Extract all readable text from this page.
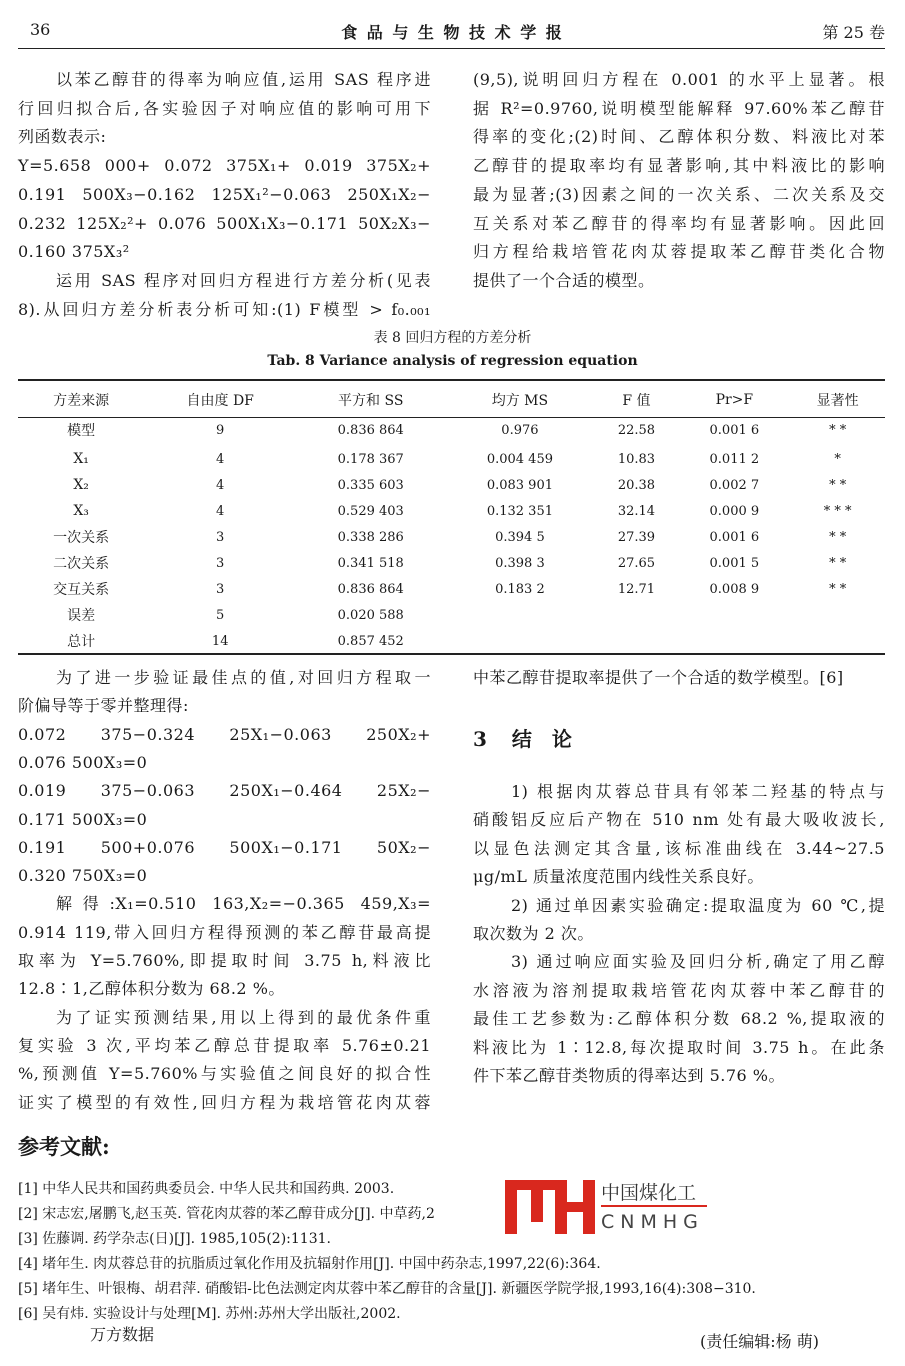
36	食 品 与 生 物 技 术 学 报	第 25 卷
以苯乙醇苷的得率为响应值,运用 SAS 程序进
行回归拟合后,各实验因子对响应值的影响可用下
列函数表示:
Y=5.658 000+ 0.072 375X₁+ 0.019 375X₂+
0.191 500X₃−0.162 125X₁²−0.063 250X₁X₂−
0.232 125X₂²+ 0.076 500X₁X₃−0.171 50X₂X₃−
0.160 375X₃²
运用 SAS 程序对回归方程进行方差分析(见表
8).从回归方差分析表分析可知:(1) F模型 > f₀.₀₀₁
(9,5),说明回归方程在 0.001 的水平上显著。根
据 R²=0.9760,说明模型能解释 97.60%苯乙醇苷
得率的变化;(2)时间、乙醇体积分数、料液比对苯
乙醇苷的提取率均有显著影响,其中料液比的影响
最为显著;(3)因素之间的一次关系、二次关系及交
互关系对苯乙醇苷的得率均有显著影响。因此回
归方程给栽培管花肉苁蓉提取苯乙醇苷类化合物
提供了一个合适的模型。
表 8 回归方程的方差分析
Tab. 8 Variance analysis of regression equation
方差来源	自由度 DF	平方和 SS	均方 MS	F 值	Pr>F	显著性
模型	9	0.836 864	0.976	22.58	0.001 6	* *
X₁	4	0.178 367	0.004 459	10.83	0.011 2	*
X₂	4	0.335 603	0.083 901	20.38	0.002 7	* *
X₃	4	0.529 403	0.132 351	32.14	0.000 9	* * *
一次关系	3	0.338 286	0.394 5	27.39	0.001 6	* *
二次关系	3	0.341 518	0.398 3	27.65	0.001 5	* *
交互关系	3	0.836 864	0.183 2	12.71	0.008 9	* *
误差	5	0.020 588				
总计	14	0.857 452				
为了进一步验证最佳点的值,对回归方程取一
阶偏导等于零并整理得:
0.072 375−0.324 25X₁−0.063 250X₂+
0.076 500X₃=0
0.019 375−0.063 250X₁−0.464 25X₂−
0.171 500X₃=0
0.191 500+0.076 500X₁−0.171 50X₂−
0.320 750X₃=0
解得:X₁=0.510 163,X₂=−0.365 459,X₃=
0.914 119,带入回归方程得预测的苯乙醇苷最高提
取率为 Y=5.760%,即提取时间 3.75 h,料液比
12.8∶1,乙醇体积分数为 68.2 %。
为了证实预测结果,用以上得到的最优条件重
复实验 3 次,平均苯乙醇总苷提取率 5.76±0.21
%,预测值 Y=5.760%与实验值之间良好的拟合性
证实了模型的有效性,回归方程为栽培管花肉苁蓉
中苯乙醇苷提取率提供了一个合适的数学模型。[6]
1) 根据肉苁蓉总苷具有邻苯二羟基的特点与
硝酸铝反应后产物在 510 nm 处有最大吸收波长,
以显色法测定其含量,该标准曲线在 3.44~27.5
μg/mL 质量浓度范围内线性关系良好。
2) 通过单因素实验确定:提取温度为 60 ℃,提
取次数为 2 次。
3) 通过响应面实验及回归分析,确定了用乙醇
水溶液为溶剂提取栽培管花肉苁蓉中苯乙醇苷的
最佳工艺参数为:乙醇体积分数 68.2 %,提取液的
料液比为 1∶12.8,每次提取时间 3.75 h。在此条
件下苯乙醇苷类物质的得率达到 5.76 %。
3 结　论
参考文献:
[1] 中华人民共和国药典委员会. 中华人民共和国药典. 2003.
[2] 宋志宏,屠鹏飞,赵玉英. 管花肉苁蓉的苯乙醇苷成分[J]. 中草药,2
[3] 佐藤调. 药学杂志(日)[J]. 1985,105(2):1131.
[4] 堵年生. 肉苁蓉总苷的抗脂质过氧化作用及抗辐射作用[J]. 中国中药杂志,1997,22(6):364.
[5] 堵年生、叶银梅、胡君萍. 硝酸铝-比色法测定肉苁蓉中苯乙醇苷的含量[J]. 新疆医学院学报,1993,16(4):308−310.
[6] 吴有炜. 实验设计与处理[M]. 苏州:苏州大学出版社,2002.
中国煤化工
CNMHG
万方数据	(责任编辑:杨 萌)
